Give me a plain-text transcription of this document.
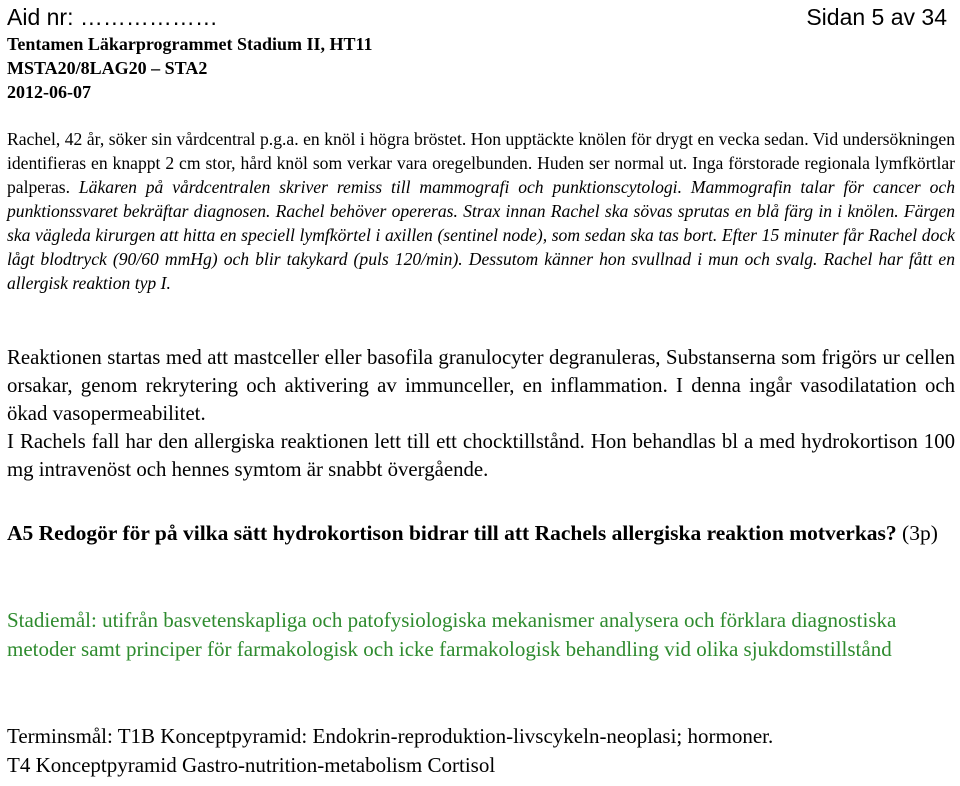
Aid nr: ………………	Sidan 5 av 34
Tentamen Läkarprogrammet Stadium II, HT11
MSTA20/8LAG20 – STA2
2012-06-07

Rachel, 42 år, söker sin vårdcentral p.g.a. en knöl i högra bröstet. Hon upptäckte knölen för drygt en vecka sedan. Vid undersökningen identifieras en knappt 2 cm stor, hård knöl som verkar vara oregelbunden. Huden ser normal ut. Inga förstorade regionala lymfkörtlar palperas. Läkaren på vårdcentralen skriver remiss till mammografi och punktionscytologi. Mammografin talar för cancer och punktionssvaret bekräftar diagnosen. Rachel behöver opereras. Strax innan Rachel ska sövas sprutas en blå färg in i knölen. Färgen ska vägleda kirurgen att hitta en speciell lymfkörtel i axillen (sentinel node), som sedan ska tas bort. Efter 15 minuter får Rachel dock lågt blodtryck (90/60 mmHg) och blir takykard (puls 120/min). Dessutom känner hon svullnad i mun och svalg. Rachel har fått en allergisk reaktion typ I.

Reaktionen startas med att mastceller eller basofila granulocyter degranuleras, Substanserna som frigörs ur cellen orsakar, genom rekrytering och aktivering av immunceller, en inflammation. I denna ingår vasodilatation och ökad vasopermeabilitet.

I Rachels fall har den allergiska reaktionen lett till ett chocktillstånd. Hon behandlas bl a med hydrokortison 100 mg intravenöst och hennes symtom är snabbt övergående.

A5 Redogör för på vilka sätt hydrokortison bidrar till att Rachels allergiska reaktion motverkas? (3p)

Stadiemål: utifrån basvetenskapliga och patofysiologiska mekanismer analysera och förklara diagnostiska metoder samt principer för farmakologisk och icke farmakologisk behandling vid olika sjukdomstillstånd

Terminsmål: T1B Konceptpyramid: Endokrin-reproduktion-livscykeln-neoplasi; hormoner.

T4 Konceptpyramid Gastro-nutrition-metabolism Cortisol
